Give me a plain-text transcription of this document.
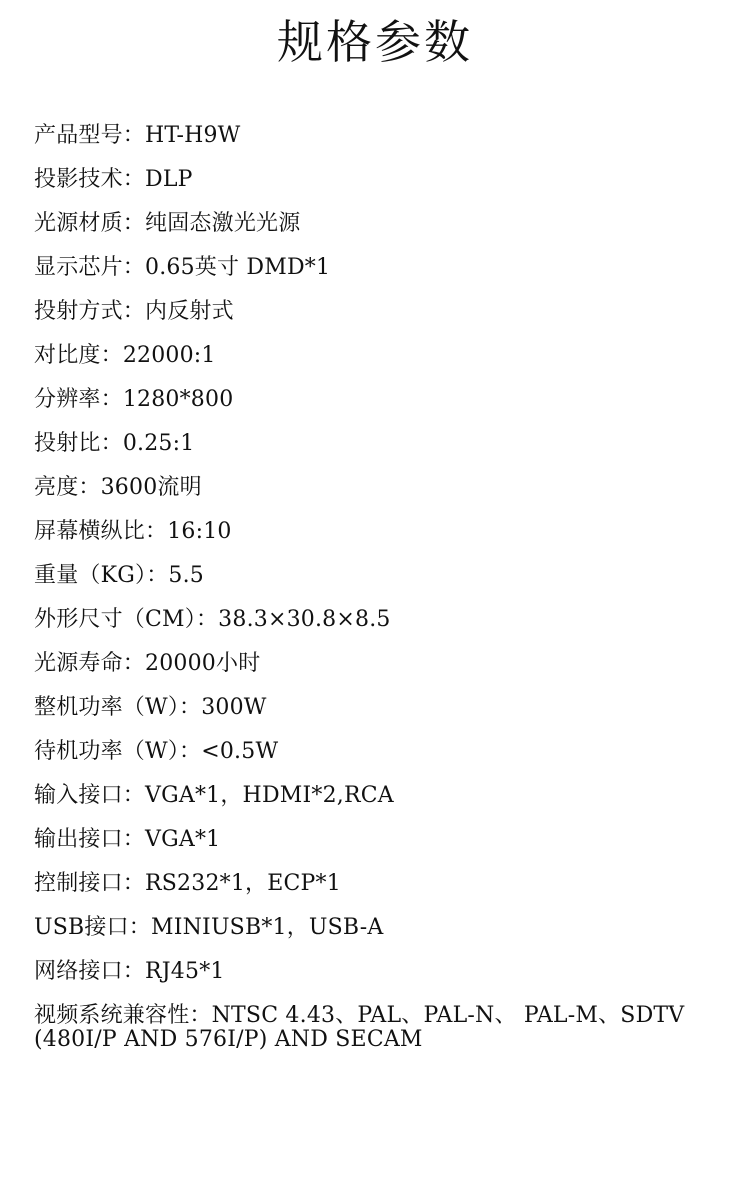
规格参数
产品型号： HT-H9W
投影技术： DLP
光源材质： 纯固态激光光源
显示芯片： 0.65英寸 DMD*1
投射方式： 内反射式
对比度： 22000:1
分辨率： 1280*800
投射比： 0.25:1
亮度： 3600流明
屏幕横纵比： 16:10
重量（KG）： 5.5
外形尺寸（CM）： 38.3×30.8×8.5
光源寿命： 20000小时
整机功率（W）： 300W
待机功率（W）： <0.5W
输入接口： VGA*1，HDMI*2,RCA
输出接口： VGA*1
控制接口： RS232*1，ECP*1
USB接口： MINIUSB*1，USB-A
网络接口： RJ45*1
视频系统兼容性：NTSC 4.43、PAL、PAL-N、 PAL-M、SDTV (480I/P AND 576I/P) AND SECAM
